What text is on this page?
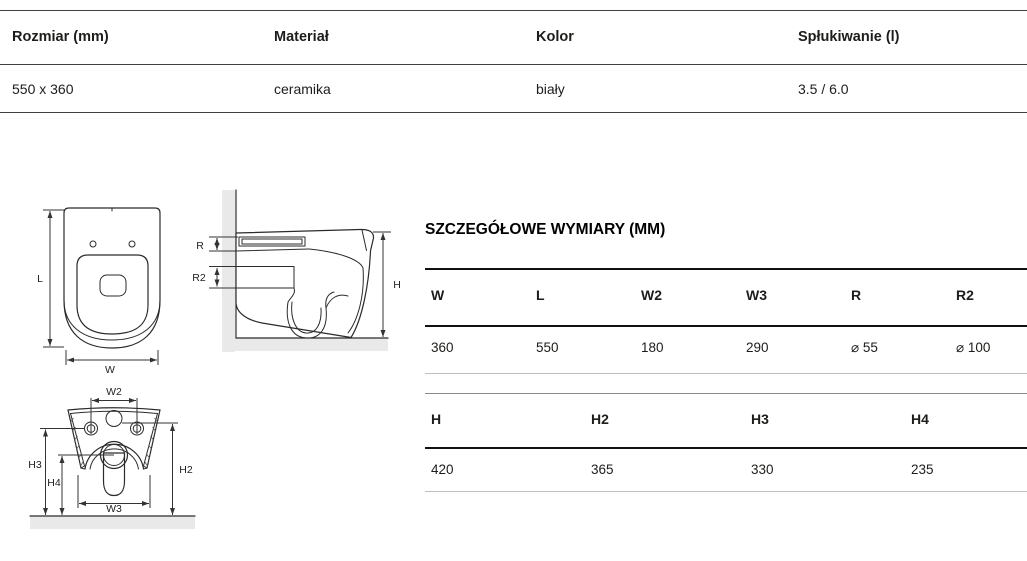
Rozmiar (mm)	Materiał	Kolor	Spłukiwanie (l)
550 x 360	ceramika	biały	3.5 / 6.0
L
W
R
R2
H
W2
H2
H3
H4
W3
SZCZEGÓŁOWE WYMIARY (MM)
W	L	W2	W3	R	R2
360	550	180	290	⌀ 55	⌀ 100
H	H2	H3	H4
420	365	330	235
